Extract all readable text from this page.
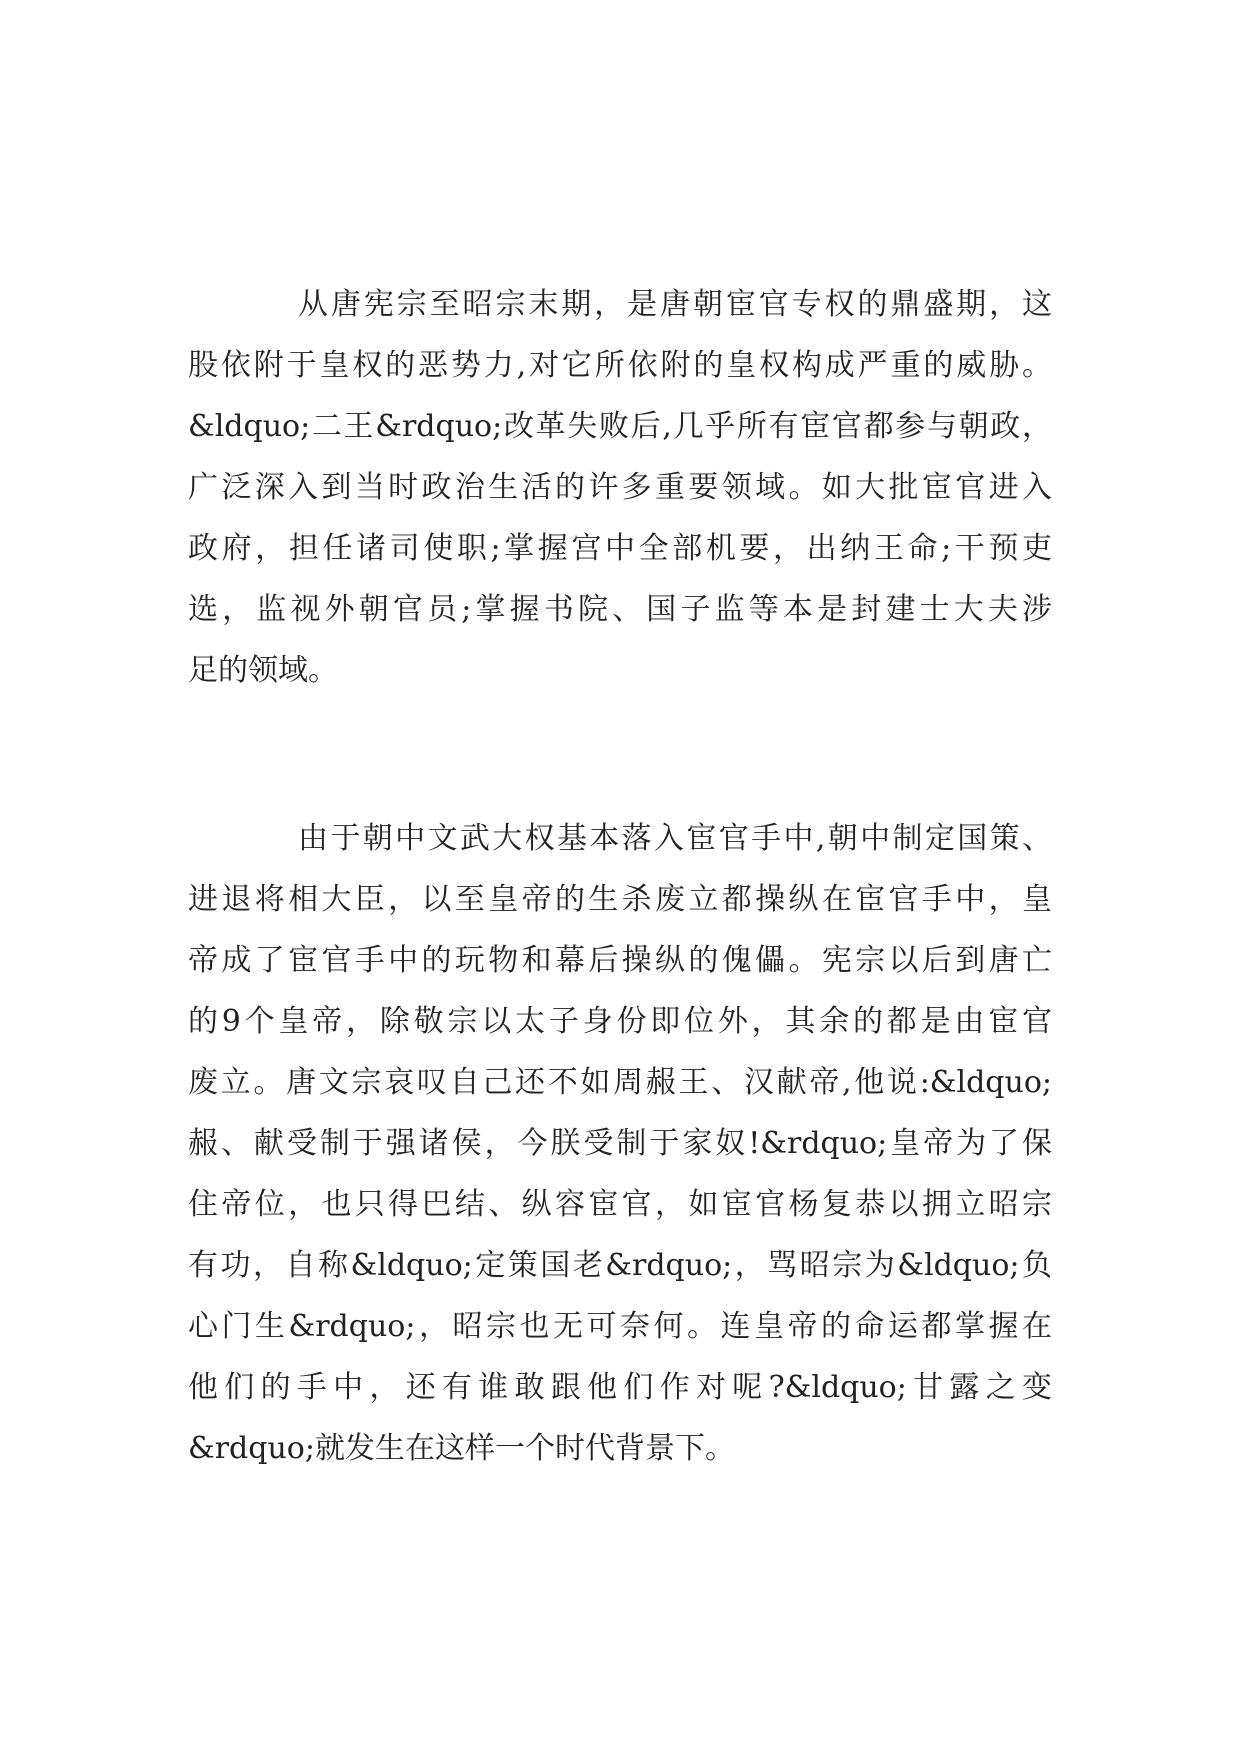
从唐宪宗至昭宗末期，是唐朝宦官专权的鼎盛期，这
股依附于皇权的恶势力,对它所依附的皇权构成严重的威胁。
&ldquo;二王&rdquo;改革失败后,几乎所有宦官都参与朝政，
广泛深入到当时政治生活的许多重要领域。如大批宦官进入
政府，担任诸司使职;掌握宫中全部机要，出纳王命;干预吏
选，监视外朝官员;掌握书院、国子监等本是封建士大夫涉
足的领域。
由于朝中文武大权基本落入宦官手中,朝中制定国策、
进退将相大臣，以至皇帝的生杀废立都操纵在宦官手中，皇
帝成了宦官手中的玩物和幕后操纵的傀儡。宪宗以后到唐亡
的9个皇帝，除敬宗以太子身份即位外，其余的都是由宦官
废立。唐文宗哀叹自己还不如周赧王、汉献帝,他说:&ldquo;
赧、献受制于强诸侯，今朕受制于家奴!&rdquo;皇帝为了保
住帝位，也只得巴结、纵容宦官，如宦官杨复恭以拥立昭宗
有功，自称&ldquo;定策国老&rdquo;，骂昭宗为&ldquo;负
心门生&rdquo;，昭宗也无可奈何。连皇帝的命运都掌握在
他们的手中，还有谁敢跟他们作对呢?&ldquo;甘露之变
&rdquo;就发生在这样一个时代背景下。
